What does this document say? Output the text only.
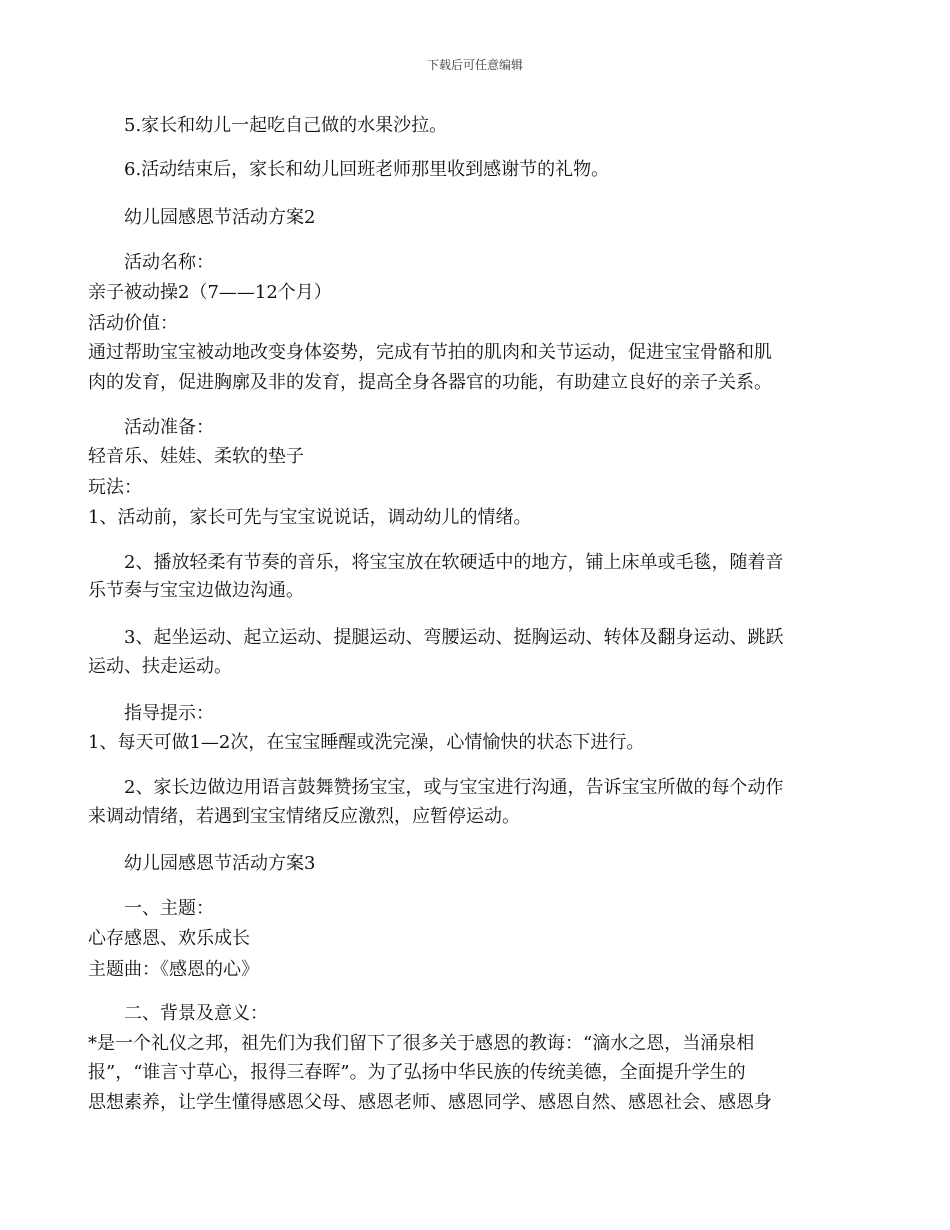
下载后可任意编辑
5.家长和幼儿一起吃自己做的水果沙拉。
6.活动结束后，家长和幼儿回班老师那里收到感谢节的礼物。
幼儿园感恩节活动方案2
活动名称：
亲子被动操2（7——12个月）
活动价值：
通过帮助宝宝被动地改变身体姿势，完成有节拍的肌肉和关节运动，促进宝宝骨骼和肌
肉的发育，促进胸廓及非的发育，提高全身各器官的功能，有助建立良好的亲子关系。
活动准备：
轻音乐、娃娃、柔软的垫子
玩法：
1、活动前，家长可先与宝宝说说话，调动幼儿的情绪。
2、播放轻柔有节奏的音乐，将宝宝放在软硬适中的地方，铺上床单或毛毯，随着音
乐节奏与宝宝边做边沟通。
3、起坐运动、起立运动、提腿运动、弯腰运动、挺胸运动、转体及翻身运动、跳跃
运动、扶走运动。
指导提示：
1、每天可做1—2次，在宝宝睡醒或洗完澡，心情愉快的状态下进行。
2、家长边做边用语言鼓舞赞扬宝宝，或与宝宝进行沟通，告诉宝宝所做的每个动作
来调动情绪，若遇到宝宝情绪反应激烈，应暂停运动。
幼儿园感恩节活动方案3
一、主题：
心存感恩、欢乐成长
主题曲：《感恩的心》
二、背景及意义：
*是一个礼仪之邦，祖先们为我们留下了很多关于感恩的教诲：“滴水之恩，当涌泉相
报”，“谁言寸草心，报得三春晖”。为了弘扬中华民族的传统美德，全面提升学生的
思想素养，让学生懂得感恩父母、感恩老师、感恩同学、感恩自然、感恩社会、感恩身
